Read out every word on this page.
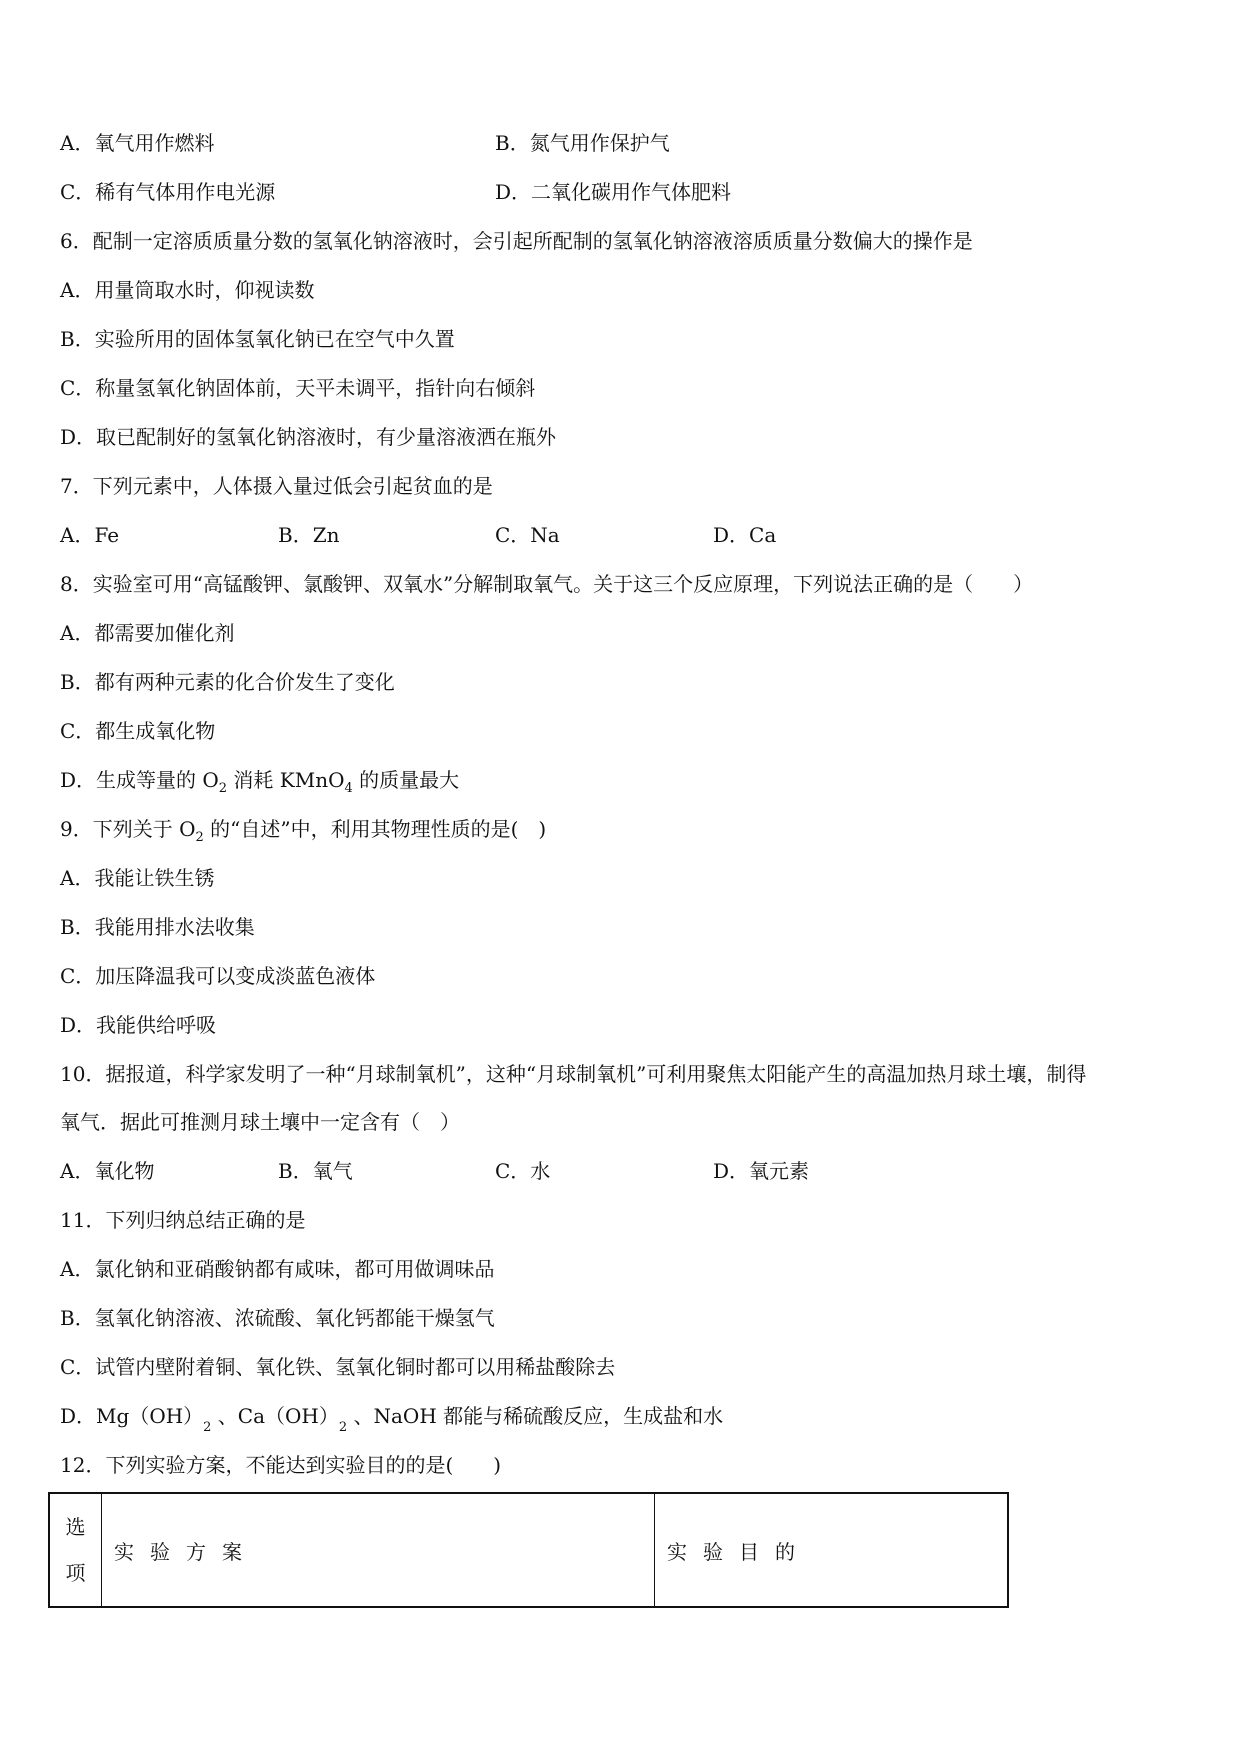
A．氧气用作燃料	B．氮气用作保护气
C．稀有气体用作电光源	D．二氧化碳用作气体肥料
6．配制一定溶质质量分数的氢氧化钠溶液时，会引起所配制的氢氧化钠溶液溶质质量分数偏大的操作是
A．用量筒取水时，仰视读数
B．实验所用的固体氢氧化钠已在空气中久置
C．称量氢氧化钠固体前，天平未调平，指针向右倾斜
D．取已配制好的氢氧化钠溶液时，有少量溶液洒在瓶外
7．下列元素中，人体摄入量过低会引起贫血的是
A．Fe	B．Zn	C．Na	D．Ca
8．实验室可用“高锰酸钾、氯酸钾、双氧水”分解制取氧气。关于这三个反应原理，下列说法正确的是（　　）
A．都需要加催化剂
B．都有两种元素的化合价发生了变化
C．都生成氧化物
D．生成等量的 $O_2$ 消耗 KMnO$_4$ 的质量最大
9．下列关于 $O_2$ 的“自述”中，利用其物理性质的是(　)
A．我能让铁生锈
B．我能用排水法收集
C．加压降温我可以变成淡蓝色液体
D．我能供给呼吸
10．据报道，科学家发明了一种“月球制氧机”，这种“月球制氧机”可利用聚焦太阳能产生的高温加热月球土壤，制得
氧气．据此可推测月球土壤中一定含有（　）
A．氧化物	B．氧气	C．水	D．氧元素
11．下列归纳总结正确的是
A．氯化钠和亚硝酸钠都有咸味，都可用做调味品
B．氢氧化钠溶液、浓硫酸、氧化钙都能干燥氢气
C．试管内壁附着铜、氧化铁、氢氧化铜时都可以用稀盐酸除去
D．$Mg(OH)_2$ 、$Ca(OH)_2$ 、NaOH 都能与稀硫酸反应，生成盐和水
12．下列实验方案，不能达到实验目的的是(　　)
选
项
	实验方案	实验目的
